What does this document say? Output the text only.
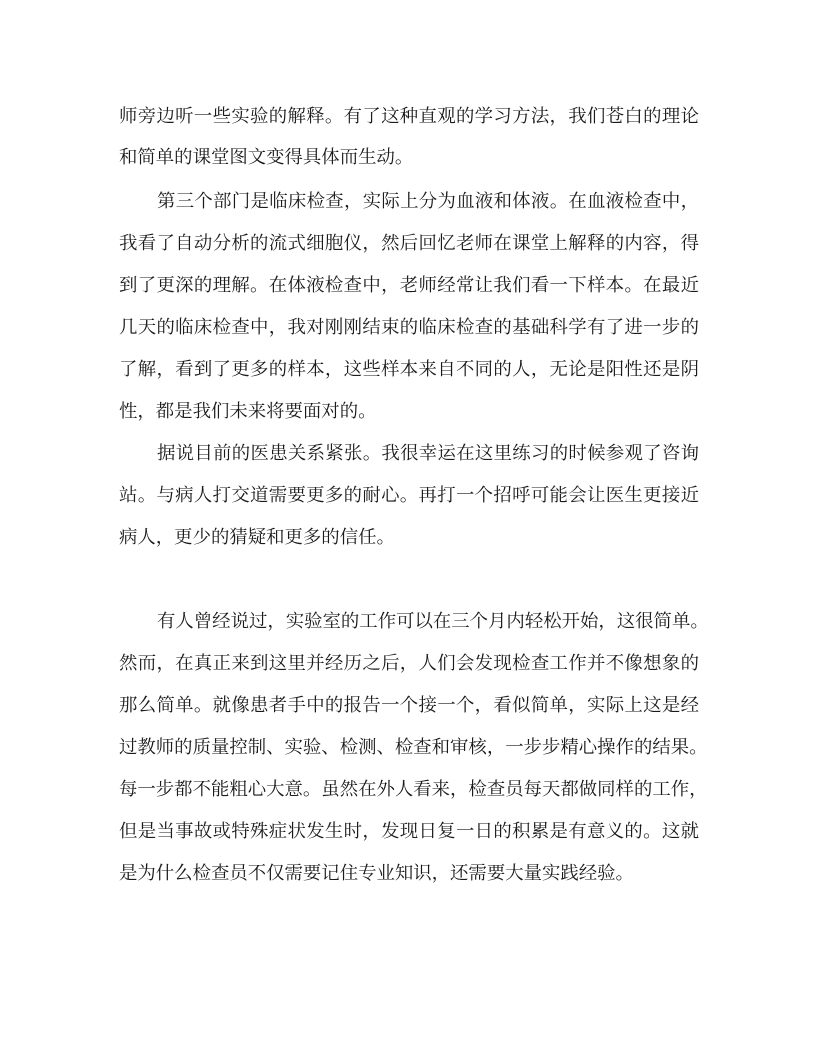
师旁边听一些实验的解释。有了这种直观的学习方法，我们苍白的理论
和简单的课堂图文变得具体而生动。
第三个部门是临床检查，实际上分为血液和体液。在血液检查中，
我看了自动分析的流式细胞仪，然后回忆老师在课堂上解释的内容，得
到了更深的理解。在体液检查中，老师经常让我们看一下样本。在最近
几天的临床检查中，我对刚刚结束的临床检查的基础科学有了进一步的
了解，看到了更多的样本，这些样本来自不同的人，无论是阳性还是阴
性，都是我们未来将要面对的。
据说目前的医患关系紧张。我很幸运在这里练习的时候参观了咨询
站。与病人打交道需要更多的耐心。再打一个招呼可能会让医生更接近
病人，更少的猜疑和更多的信任。
有人曾经说过，实验室的工作可以在三个月内轻松开始，这很简单。
然而，在真正来到这里并经历之后，人们会发现检查工作并不像想象的
那么简单。就像患者手中的报告一个接一个，看似简单，实际上这是经
过教师的质量控制、实验、检测、检查和审核，一步步精心操作的结果。
每一步都不能粗心大意。虽然在外人看来，检查员每天都做同样的工作，
但是当事故或特殊症状发生时，发现日复一日的积累是有意义的。这就
是为什么检查员不仅需要记住专业知识，还需要大量实践经验。
